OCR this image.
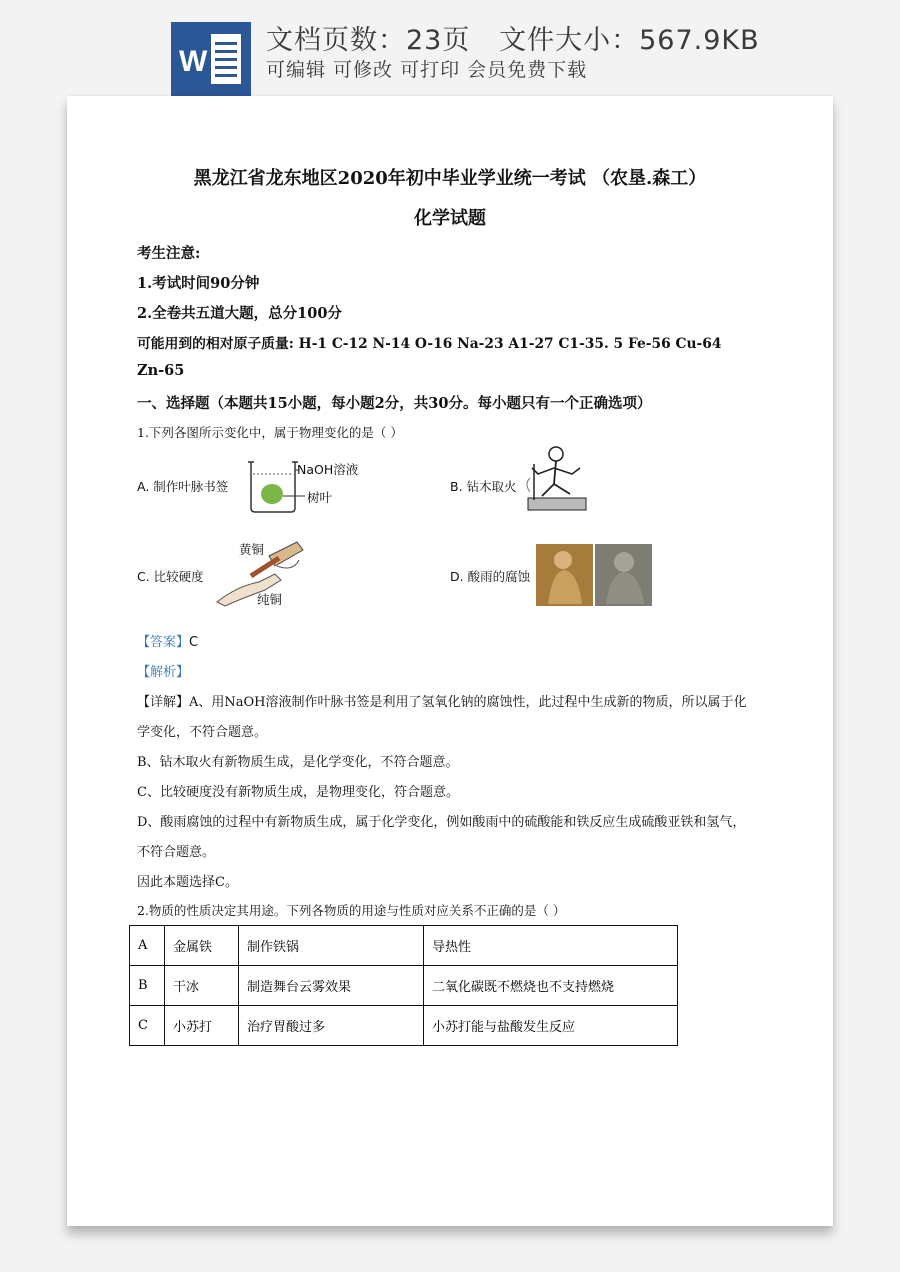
W
文档页数：23页   文件大小：567.9KB
可编辑 可修改 可打印 会员免费下载
黑龙江省龙东地区2020年初中毕业学业统一考试 （农垦.森工）
化学试题
考生注意:
1.考试时间90分钟
2.全卷共五道大题，总分100分
可能用到的相对原子质量: H-1 C-12 N-14 O-16 Na-23 A1-27 C1-35. 5 Fe-56 Cu-64
Zn-65
一、选择题（本题共15小题，每小题2分，共30分。每小题只有一个正确选项）
1.下列各图所示变化中，属于物理变化的是（ ）
A. 制作叶脉书签
NaOH溶液
树叶
B. 钻木取火
C. 比较硬度
黄铜
纯铜
D. 酸雨的腐蚀
【答案】C
【解析】
【详解】A、用NaOH溶液制作叶脉书签是利用了氢氧化钠的腐蚀性，此过程中生成新的物质，所以属于化
学变化，不符合题意。
B、钻木取火有新物质生成，是化学变化，不符合题意。
C、比较硬度没有新物质生成，是物理变化，符合题意。
D、酸雨腐蚀的过程中有新物质生成，属于化学变化，例如酸雨中的硫酸能和铁反应生成硫酸亚铁和氢气，
不符合题意。
因此本题选择C。
2.物质的性质决定其用途。下列各物质的用途与性质对应关系不正确的是（ ）
A	金属铁	制作铁锅	导热性
B	干冰	制造舞台云雾效果	二氧化碳既不燃烧也不支持燃烧
C	小苏打	治疗胃酸过多	小苏打能与盐酸发生反应
